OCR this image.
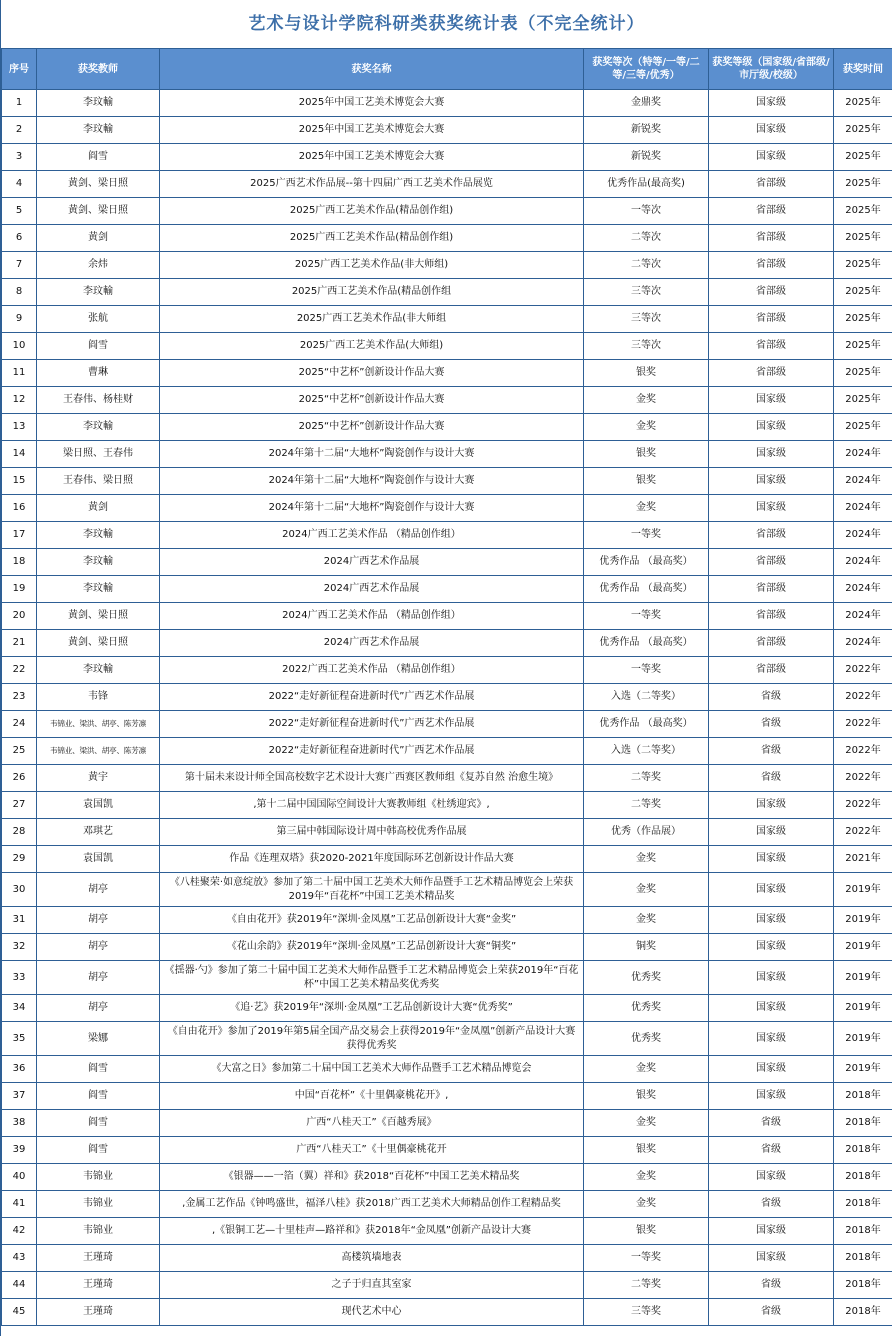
艺术与设计学院科研类获奖统计表（不完全统计）
序号	获奖教师	获奖名称	获奖等次（特等/一等/二等/三等/优秀）	获奖等级（国家级/省部级/市厅级/校级）	获奖时间
1	李玟輸	2025年中国工艺美术博览会大赛	金鼎奖	国家级	2025年
2	李玟輸	2025年中国工艺美术博览会大赛	新锐奖	国家级	2025年
3	阎雪	2025年中国工艺美术博览会大赛	新锐奖	国家级	2025年
4	黄剑、梁日照	2025广西艺术作品展--第十四届广西工艺美术作品展览	优秀作品(最高奖)	省部级	2025年
5	黄剑、梁日照	2025广西工艺美术作品(精品创作组)	一等次	省部级	2025年
6	黄剑	2025广西工艺美术作品(精品创作组)	二等次	省部级	2025年
7	余炜	2025广西工艺美术作品(非大师组)	二等次	省部级	2025年
8	李玟輸	2025广西工艺美术作品(精品创作组	三等次	省部级	2025年
9	张航	2025广西工艺美术作品(非大师组	三等次	省部级	2025年
10	阎雪	2025广西工艺美术作品(大师组)	三等次	省部级	2025年
11	曹琳	2025“中艺杯”创新设计作品大赛	银奖	省部级	2025年
12	王春伟、杨桂财	2025“中艺杯”创新设计作品大赛	金奖	国家级	2025年
13	李玟輸	2025“中艺杯”创新设计作品大赛	金奖	国家级	2025年
14	梁日照、王春伟	2024年第十二届“大地杯”陶瓷创作与设计大赛	银奖	国家级	2024年
15	王春伟、梁日照	2024年第十二届“大地杯”陶瓷创作与设计大赛	银奖	国家级	2024年
16	黄剑	2024年第十二届“大地杯”陶瓷创作与设计大赛	金奖	国家级	2024年
17	李玟輸	2024广西工艺美术作品 （精品创作组）	一等奖	省部级	2024年
18	李玟輸	2024广西艺术作品展	优秀作品 （最高奖）	省部级	2024年
19	李玟輸	2024广西艺术作品展	优秀作品 （最高奖）	省部级	2024年
20	黄剑、梁日照	2024广西工艺美术作品 （精品创作组）	一等奖	省部级	2024年
21	黄剑、梁日照	2024广西艺术作品展	优秀作品 （最高奖）	省部级	2024年
22	李玟輸	2022广西工艺美术作品 （精品创作组）	一等奖	省部级	2022年
23	韦锋	2022“走好新征程奋进新时代”广西艺术作品展	入选（二等奖）	省级	2022年
24	韦锦业、梁洪、胡亭、陈芳凛	2022“走好新征程奋进新时代”广西艺术作品展	优秀作品 （最高奖）	省级	2022年
25	韦锦业、梁洪、胡亭、陈芳凛	2022“走好新征程奋进新时代”广西艺术作品展	入选（二等奖）	省级	2022年
26	黄宇	第十届未来设计师全国高校数字艺术设计大赛广西赛区教师组《复苏自然 治愈生境》	二等奖	省级	2022年
27	袁国凯	,第十二届中国国际空间设计大赛教师组《杜绣迎宾》,	二等奖	国家级	2022年
28	邓琪艺	第三届中韩国际设计周中韩高校优秀作品展	优秀（作品展）	国家级	2022年
29	袁国凯	作品《连理双塔》获2020-2021年度国际环艺创新设计作品大赛	金奖	国家级	2021年
30	胡亭	《八桂聚荣·如意绽放》参加了第二十届中国工艺美术大师作品暨手工艺术精品博览会上荣获2019年“百花杯”中国工艺美术精品奖	金奖	国家级	2019年
31	胡亭	《自由花开》获2019年“深圳·金凤凰”工艺品创新设计大赛“金奖”	金奖	国家级	2019年
32	胡亭	《花山余韵》获2019年“深圳·金凤凰”工艺品创新设计大赛“铜奖”	铜奖	国家级	2019年
33	胡亭	《揺器·勺》参加了第二十届中国工艺美术大师作品暨手工艺术精品博览会上荣获2019年“百花杯”中国工艺美术精品奖优秀奖	优秀奖	国家级	2019年
34	胡亭	《追·艺》获2019年“深圳·金凤凰”工艺品创新设计大赛“优秀奖”	优秀奖	国家级	2019年
35	梁娜	《自由花开》参加了2019年第5届全国产品交易会上获得2019年“金凤凰”创新产品设计大赛获得优秀奖	优秀奖	国家级	2019年
36	阎雪	《大富之日》参加第二十届中国工艺美术大师作品暨手工艺术精品博览会	金奖	国家级	2019年
37	阎雪	中国“百花杯”《十里偶豪桃花开》,	银奖	国家级	2018年
38	阎雪	广西“八桂天工”《百越秀展》	金奖	省级	2018年
39	阎雪	广西“八桂天工”《十里偶豪桃花开	银奖	省级	2018年
40	韦锦业	《银器——一箔（翼）祥和》获2018“百花杯”中国工艺美术精品奖	金奖	国家级	2018年
41	韦锦业	,金属工艺作品《钟鸣盛世，福泽八桂》获2018广西工艺美术大师精品创作工程精品奖	金奖	省级	2018年
42	韦锦业	,《银铜工艺—十里桂声—路祥和》获2018年“金凤凰”创新产品设计大赛	银奖	国家级	2018年
43	王瑾琦	高楼筑墙地表	一等奖	国家级	2018年
44	王瑾琦	之子于归直其室家	二等奖	省级	2018年
45	王瑾琦	现代艺术中心	三等奖	省级	2018年
